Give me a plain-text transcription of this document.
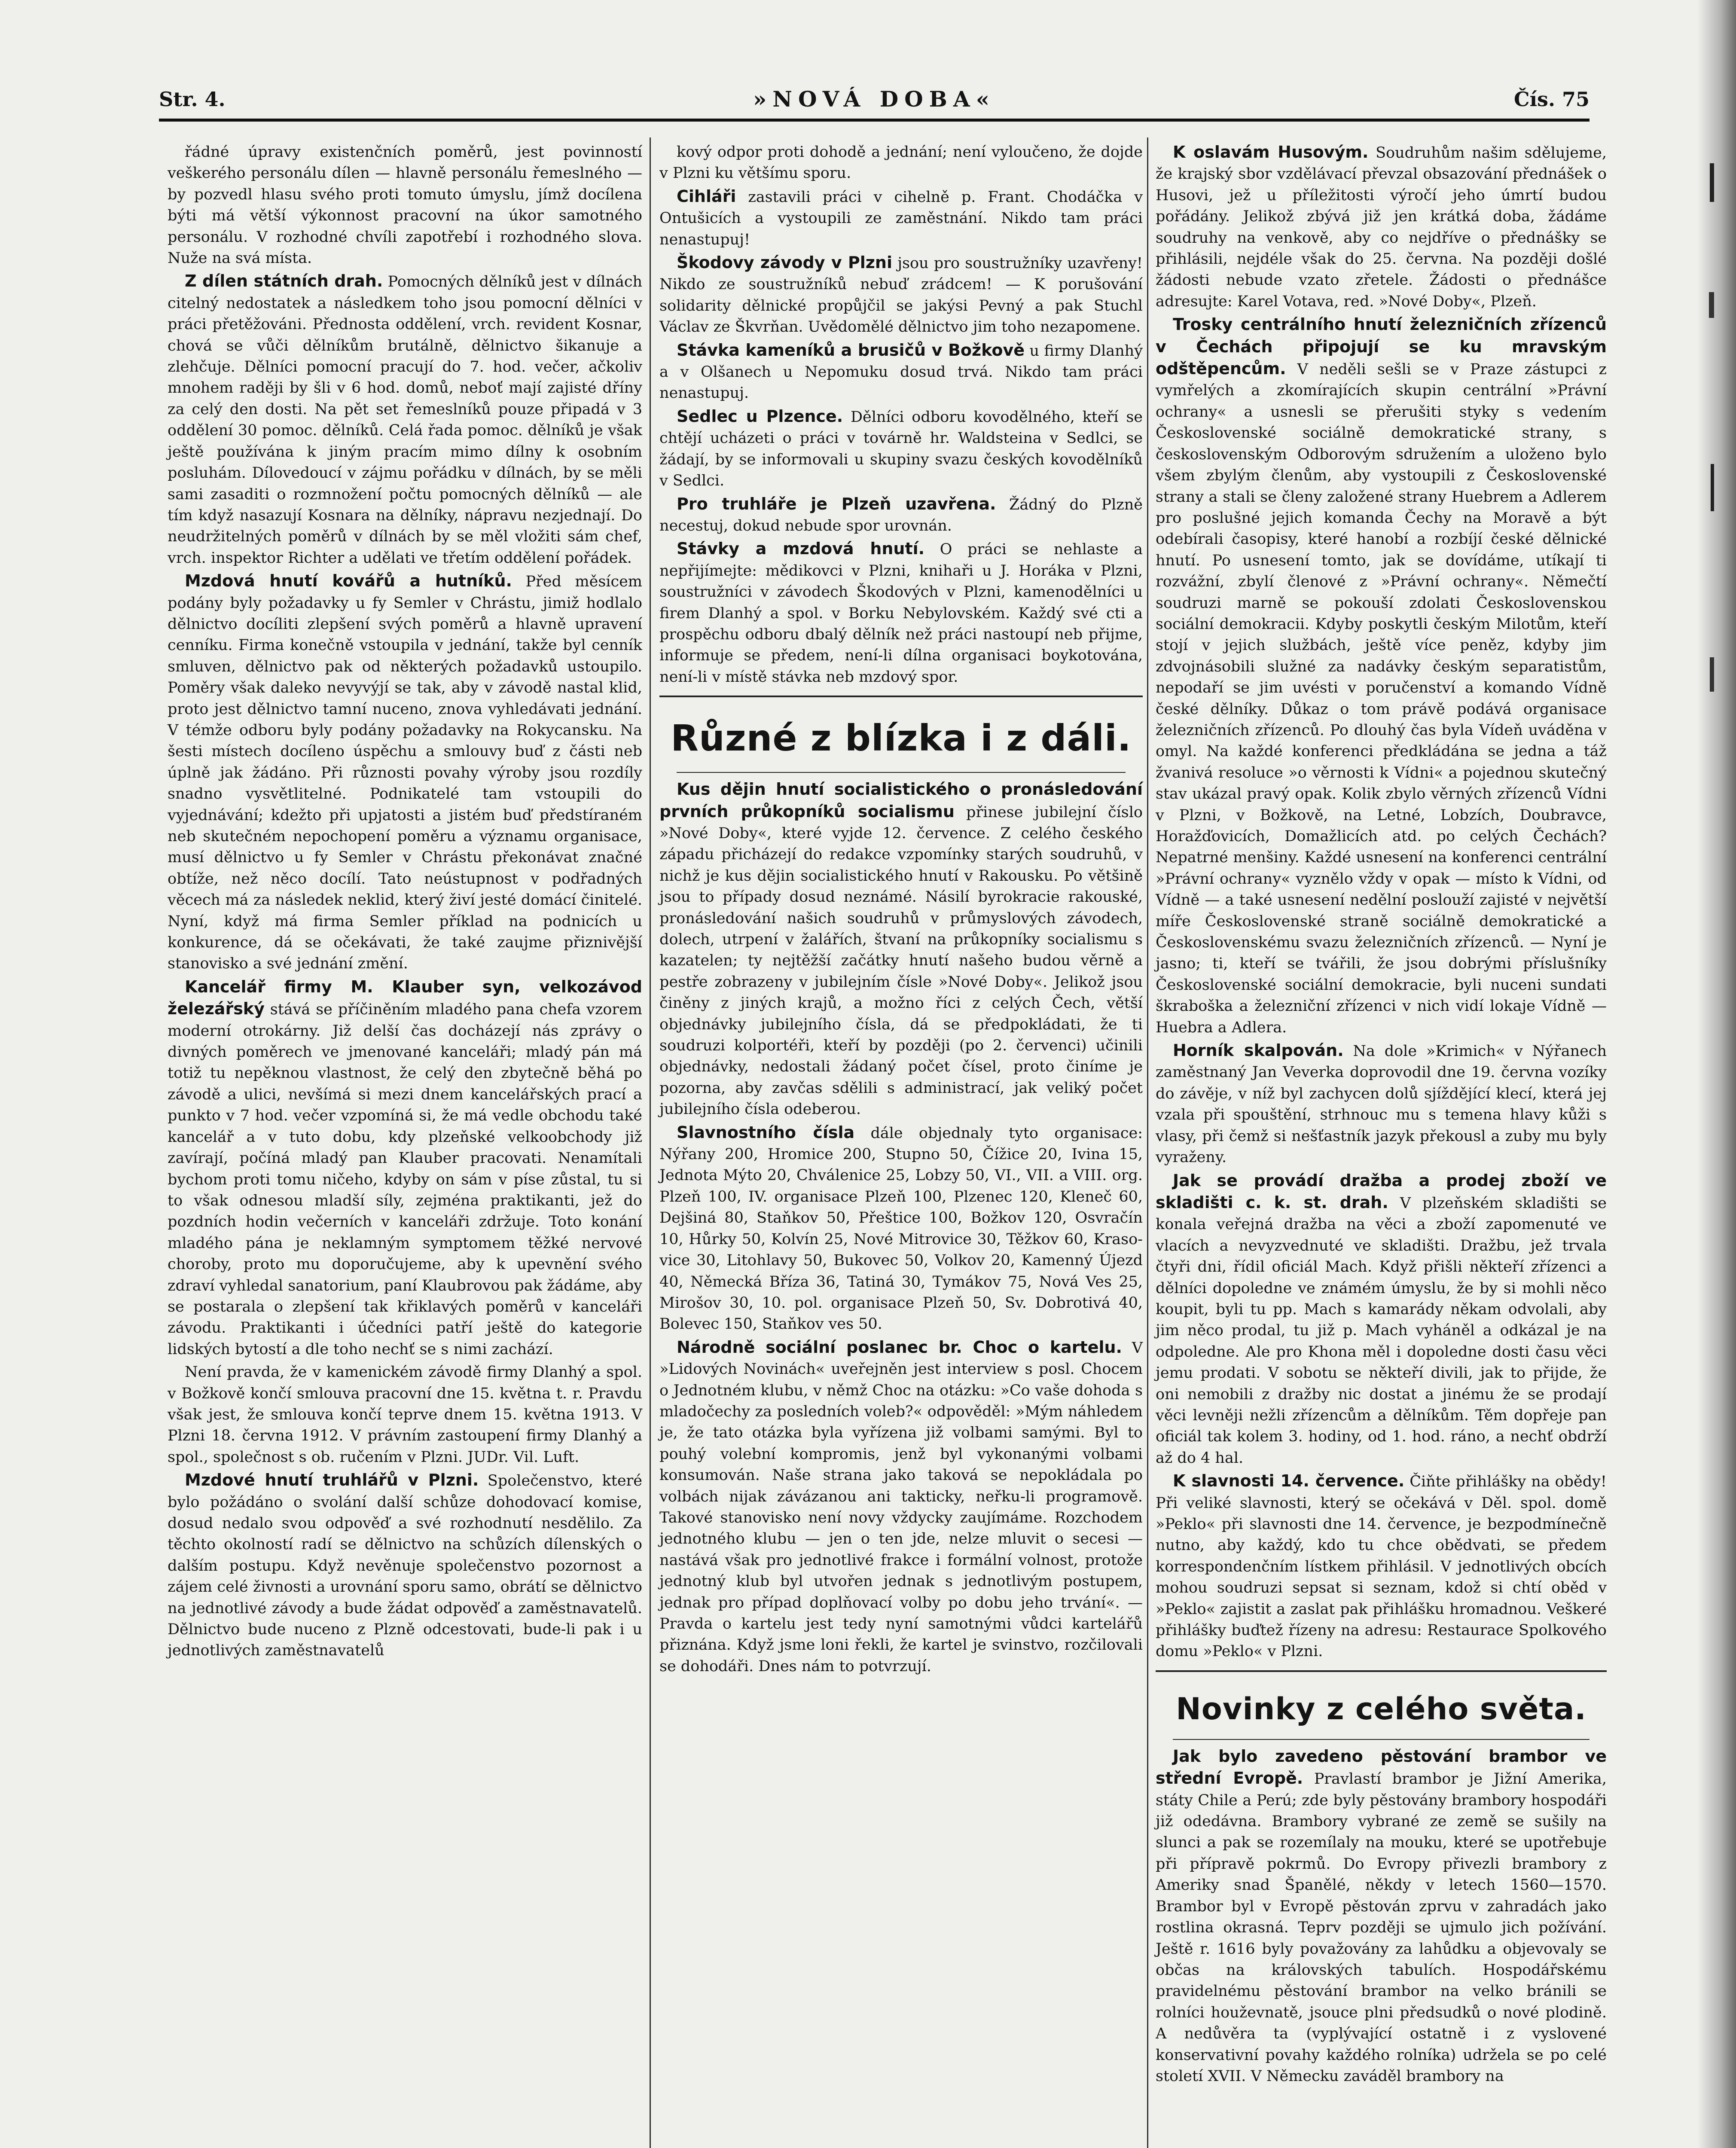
Str. 4.	»NOVÁ DOBA«	Čís. 75

řádné úpravy existenčních poměrů, jest povinností veškerého personálu dílen — hlavně personálu řemeslného — by pozvedl hlasu svého proti tomuto úmyslu, jímž docílena býti má větší výkonnost pracovní na úkor samotného personálu. V rozhodné chvíli zapotřebí i rozhodného slova. Nuže na svá místa.

Z dílen státních drah. Pomocných dělníků jest v dílnách citelný nedostatek a následkem toho jsou pomocní dělníci v práci přetěžováni. Přednosta oddělení, vrch. revident Kosnar, chová se vůči dělníkům brutálně, dělnictvo šikanuje a zlehčuje. Dělníci pomocní pracují do 7. hod. večer, ačkoliv mnohem raději by šli v 6 hod. domů, neboť mají zajisté dříny za celý den dosti. Na pět set řemeslníků pouze připadá v 3 oddělení 30 pomoc. dělníků. Celá řada pomoc. dělníků je však ještě používána k jiným pracím mimo dílny k osobním posluhám. Dílovedoucí v zájmu pořádku v dílnách, by se měli sami zasaditi o rozmnožení počtu pomocných dělníků — ale tím když nasazují Kosnara na dělníky, nápravu nezjednají. Do neudržitelných poměrů v dílnách by se měl vložiti sám chef, vrch. inspektor Richter a udělati ve třetím oddělení pořádek.

Mzdová hnutí kovářů a hutníků. Před měsícem podány byly požadavky u fy Semler v Chrástu, jimiž hodlalo dělnictvo docíliti zlepšení svých poměrů a hlavně upravení cenníku. Firma konečně vstoupila v jednání, takže byl cenník smluven, dělnictvo pak od některých požadavků ustoupilo. Poměry však daleko nevyvýjí se tak, aby v závodě nastal klid, proto jest dělnictvo tamní nuceno, znova vyhledávati jednání. V témže odboru byly podány požadavky na Rokycansku. Na šesti místech docíleno úspěchu a smlouvy buď z části neb úplně jak žádáno. Při různosti povahy výroby jsou rozdíly snadno vysvětlitelné. Podnikatelé tam vstoupili do vyjednávání; kdežto při upjatosti a jistém buď předstíraném neb skutečném nepochopení poměru a významu organisace, musí dělnictvo u fy Semler v Chrástu překonávat značné obtíže, než něco docílí. Tato neústupnost v podřadných věcech má za následek neklid, který živí jesté domácí činitelé. Nyní, když má firma Semler příklad na podnicích u konkurence, dá se očekávati, že také zaujme přiznivější stanovisko a své jednání změní.

Kancelář firmy M. Klauber syn, velkozávod železářský stává se příčiněním mladého pana chefa vzorem moderní otrokárny. Již delší čas docházejí nás zprávy o divných poměrech ve jmenované kanceláři; mladý pán má totiž tu nepěknou vlastnost, že celý den zbytečně běhá po závodě a ulici, nevšímá si mezi dnem kancelářských prací a punkto v 7 hod. večer vzpomíná si, že má vedle obchodu také kancelář a v tuto dobu, kdy plzeňské velkoobchody již zavírají, počíná mladý pan Klauber pracovati. Nenamítali bychom proti tomu ničeho, kdyby on sám v píse zůstal, tu si to však odnesou mladší síly, zejména praktikanti, jež do pozdních hodin večerních v kanceláři zdržuje. Toto konání mladého pána je neklamným symptomem těžké nervové choroby, proto mu doporučujeme, aby k upevnění svého zdraví vyhledal sanatorium, paní Klaubrovou pak žádáme, aby se postarala o zlepšení tak křiklavých poměrů v kanceláři závodu. Praktikanti i účedníci patří ještě do kategorie lidských bytostí a dle toho nechť se s nimi zachází.

Není pravda, že v kamenickém závodě firmy Dlanhý a spol. v Božkově končí smlouva pracovní dne 15. května t. r. Pravdu však jest, že smlouva končí teprve dnem 15. května 1913. V Plzni 18. června 1912. V právním zastoupení firmy Dlanhý a spol., společnost s ob. ručením v Plzni. JUDr. Vil. Luft.

Mzdové hnutí truhlářů v Plzni. Společenstvo, které bylo požádáno o svolání další schůze dohodovací komise, dosud nedalo svou odpověď a své rozhodnutí nesdělilo. Za těchto okolností radí se dělnictvo na schůzích dílenských o dalším postupu. Když nevěnuje společenstvo pozornost a zájem celé živnosti a urovnání sporu samo, obrátí se dělnictvo na jednotlivé závody a bude žádat odpověď a zaměstnavatelů. Dělnictvo bude nuceno z Plzně odcestovati, bude-li pak i u jednotlivých zaměstnavatelů

kový odpor proti dohodě a jednání; není vyloučeno, že dojde v Plzni ku většímu sporu.

Cihláři zastavili práci v cihelně p. Frant. Chodáčka v Ontušicích a vystoupili ze zaměstnání. Nikdo tam práci nenastupuj!

Škodovy závody v Plzni jsou pro soustružníky uzavřeny! Nikdo ze soustružníků nebuď zrádcem! — K porušování solidarity dělnické propůjčil se jakýsi Pevný a pak Stuchl Václav ze Škvrňan. Uvědomělé dělnictvo jim toho nezapomene.

Stávka kameníků a brusičů v Božkově u firmy Dlanhý a v Olšanech u Nepomuku dosud trvá. Nikdo tam práci nenastupuj.

Sedlec u Plzence. Dělníci odboru kovodělného, kteří se chtějí ucházeti o práci v továrně hr. Waldsteina v Sedlci, se žádají, by se informovali u skupiny svazu českých kovodělníků v Sedlci.

Pro truhláře je Plzeň uzavřena. Žádný do Plzně necestuj, dokud nebude spor urovnán.

Stávky a mzdová hnutí. O práci se nehlaste a nepřijímejte: mědikovci v Plzni, knihaři u J. Horáka v Plzni, soustružníci v závodech Škodových v Plzni, kamenodělníci u firem Dlanhý a spol. v Borku Nebylovském. Každý své cti a prospěchu odboru dbalý dělník než práci nastoupí neb přijme, informuje se předem, není-li dílna organisaci boykotována, není-li v místě stávka neb mzdový spor.

Různé z blízka i z dáli.

Kus dějin hnutí socialistického o pronásledování prvních průkopníků socialismu přinese jubilejní číslo »Nové Doby«, které vyjde 12. července. Z celého českého západu přicházejí do redakce vzpomínky starých soudruhů, v nichž je kus dějin socialistického hnutí v Rakousku. Po většině jsou to případy dosud neznámé. Násilí byrokracie rakouské, pronásledování našich soudruhů v průmyslových závodech, dolech, utrpení v žalářích, štvaní na průkopníky socialismu s kazatelen; ty nejtěžší začátky hnutí našeho budou věrně a pestře zobrazeny v jubilejním čísle »Nové Doby«. Jelikož jsou činěny z jiných krajů, a možno říci z celých Čech, větší objednávky jubilejního čísla, dá se předpokládati, že ti soudruzi kolportéři, kteří by později (po 2. červenci) učinili objednávky, nedostali žádaný počet čísel, proto činíme je pozorna, aby zavčas sdělili s administrací, jak veliký počet jubilejního čísla odeberou.

Slavnostního čísla dále objednaly tyto organisace: Nýřany 200, Hromice 200, Stupno 50, Čížice 20, Ivina 15, Jednota Mýto 20, Chválenice 25, Lobzy 50, VI., VII. a VIII. org. Plzeň 100, IV. organisace Plzeň 100, Plzenec 120, Kleneč 60, Dejšiná 80, Staňkov 50, Přeštice 100, Božkov 120, Osvračín 10, Hůrky 50, Kolvín 25, Nové Mitrovice 30, Těžkov 60, Kraso-vice 30, Litohlavy 50, Bukovec 50, Volkov 20, Kamenný Újezd 40, Německá Bříza 36, Tatiná 30, Tymákov 75, Nová Ves 25, Mirošov 30, 10. pol. organisace Plzeň 50, Sv. Dobrotivá 40, Bolevec 150, Staňkov ves 50.

Národně sociální poslanec br. Choc o kartelu. V »Lidových Novinách« uveřejněn jest interview s posl. Chocem o Jednotném klubu, v němž Choc na otázku: »Co vaše dohoda s mladočechy za posledních voleb?« odpověděl: »Mým náhledem je, že tato otázka byla vyřízena již volbami samými. Byl to pouhý volební kompromis, jenž byl vykonanými volbami konsumován. Naše strana jako taková se nepokládala po volbách nijak závázanou ani takticky, neřku-li programově. Takové stanovisko není novy vždycky zaujímáme. Rozchodem jednotného klubu — jen o ten jde, nelze mluvit o secesi — nastává však pro jednotlivé frakce i formální volnost, protože jednotný klub byl utvořen jednak s jednotlivým postupem, jednak pro případ doplňovací volby po dobu jeho trvání«. — Pravda o kartelu jest tedy nyní samotnými vůdci kartelářů přiznána. Když jsme loni řekli, že kartel je svinstvo, rozčilovali se dohodáři. Dnes nám to potvrzují.

K oslavám Husovým. Soudruhům našim sdělujeme, že krajský sbor vzdělávací převzal obsazování přednášek o Husovi, jež u příležitosti výročí jeho úmrtí budou pořádány. Jelikož zbývá již jen krátká doba, žádáme soudruhy na venkově, aby co nejdříve o přednášky se přihlásili, nejdéle však do 25. června. Na později došlé žádosti nebude vzato zřetele. Žádosti o přednášce adresujte: Karel Votava, red. »Nové Doby«, Plzeň.

Trosky centrálního hnutí železničních zřízenců v Čechách připojují se ku mravským odštěpencům. V neděli sešli se v Praze zástupci z vymřelých a zkomírajících skupin centrální »Právní ochrany« a usnesli se přerušiti styky s vedením Československé sociálně demokratické strany, s československým Odborovým sdružením a uloženo bylo všem zbylým členům, aby vystoupili z Československé strany a stali se členy založené strany Huebrem a Adlerem pro poslušné jejich komanda Čechy na Moravě a být odebírali časopisy, které hanobí a rozbíjí české dělnické hnutí. Po usnesení tomto, jak se dovídáme, utíkají ti rozvážní, zbylí členové z »Právní ochrany«. Němečtí soudruzi marně se pokouší zdolati Československou sociální demokracii. Kdyby poskytli českým Milotům, kteří stojí v jejich službách, ještě více peněz, kdyby jim zdvojnásobili služné za nadávky českým separatistům, nepodaří se jim uvésti v poručenství a komando Vídně české dělníky. Důkaz o tom právě podává organisace železničních zřízenců. Po dlouhý čas byla Vídeň uváděna v omyl. Na každé konferenci předkládána se jedna a táž žvanivá resoluce »o věrnosti k Vídni« a pojednou skutečný stav ukázal pravý opak. Kolik zbylo věrných zřízenců Vídni v Plzni, v Božkově, na Letné, Lobzích, Doubravce, Horažďovicích, Domažlicích atd. po celých Čechách? Nepatrné menšiny. Každé usnesení na konferenci centrální »Právní ochrany« vyznělo vždy v opak — místo k Vídni, od Vídně — a také usnesení nedělní poslouží zajisté v největší míře Československé straně sociálně demokratické a Československému svazu železničních zřízenců. — Nyní je jasno; ti, kteří se tvářili, že jsou dobrými příslušníky Československé sociální demokracie, byli nuceni sundati škraboška a železniční zřízenci v nich vidí lokaje Vídně — Huebra a Adlera.

Horník skalpován. Na dole »Krimich« v Nýřanech zaměstnaný Jan Veverka doprovodil dne 19. června vozíky do závěje, v níž byl zachycen dolů sjíždějící klecí, která jej vzala při spouštění, strhnouc mu s temena hlavy kůži s vlasy, při čemž si nešťastník jazyk překousl a zuby mu byly vyraženy.

Jak se provádí dražba a prodej zboží ve skladišti c. k. st. drah. V plzeňském skladišti se konala veřejná dražba na věci a zboží zapomenuté ve vlacích a nevyzvednuté ve skladišti. Dražbu, jež trvala čtyři dni, řídil oficiál Mach. Když přišli někteří zřízenci a dělníci dopoledne ve známém úmyslu, že by si mohli něco koupit, byli tu pp. Mach s kamarády někam odvolali, aby jim něco prodal, tu již p. Mach vyháněl a odkázal je na odpoledne. Ale pro Khona měl i dopoledne dosti času věci jemu prodati. V sobotu se někteří divili, jak to přijde, že oni nemobili z dražby nic dostat a jinému že se prodají věci levněji nežli zřízencům a dělníkům. Těm dopřeje pan oficiál tak kolem 3. hodiny, od 1. hod. ráno, a nechť obdrží až do 4 hal.

K slavnosti 14. července. Čiňte přihlášky na obědy! Při veliké slavnosti, který se očekává v Děl. spol. domě »Peklo« při slavnosti dne 14. července, je bezpodmínečně nutno, aby každý, kdo tu chce obědvati, se předem korrespondenčním lístkem přihlásil. V jednotlivých obcích mohou soudruzi sepsat si seznam, kdož si chtí oběd v »Peklo« zajistit a zaslat pak přihlášku hromadnou. Veškeré přihlášky buďtež řízeny na adresu: Restaurace Spolkového domu »Peklo« v Plzni.

Novinky z celého světa.

Jak bylo zavedeno pěstování brambor ve střední Evropě. Pravlastí brambor je Jižní Amerika, státy Chile a Perú; zde byly pěstovány brambory hospodáři již odedávna. Brambory vybrané ze země se sušily na slunci a pak se rozemílaly na mouku, které se upotřebuje při přípravě pokrmů. Do Evropy přivezli brambory z Ameriky snad Španělé, někdy v letech 1560—1570. Brambor byl v Evropě pěstován zprvu v zahradách jako rostlina okrasná. Teprv později se ujmulo jich požívání. Ještě r. 1616 byly považovány za lahůdku a objevovaly se občas na královských tabulích. Hospodářskému pravidelnému pěstování brambor na velko bránili se rolníci houževnatě, jsouce plni předsudků o nové plodině. A nedůvěra ta (vyplývající ostatně i z vyslovené konservativní povahy každého rolníka) udržela se po celé století XVII. V Německu zaváděl brambory na
